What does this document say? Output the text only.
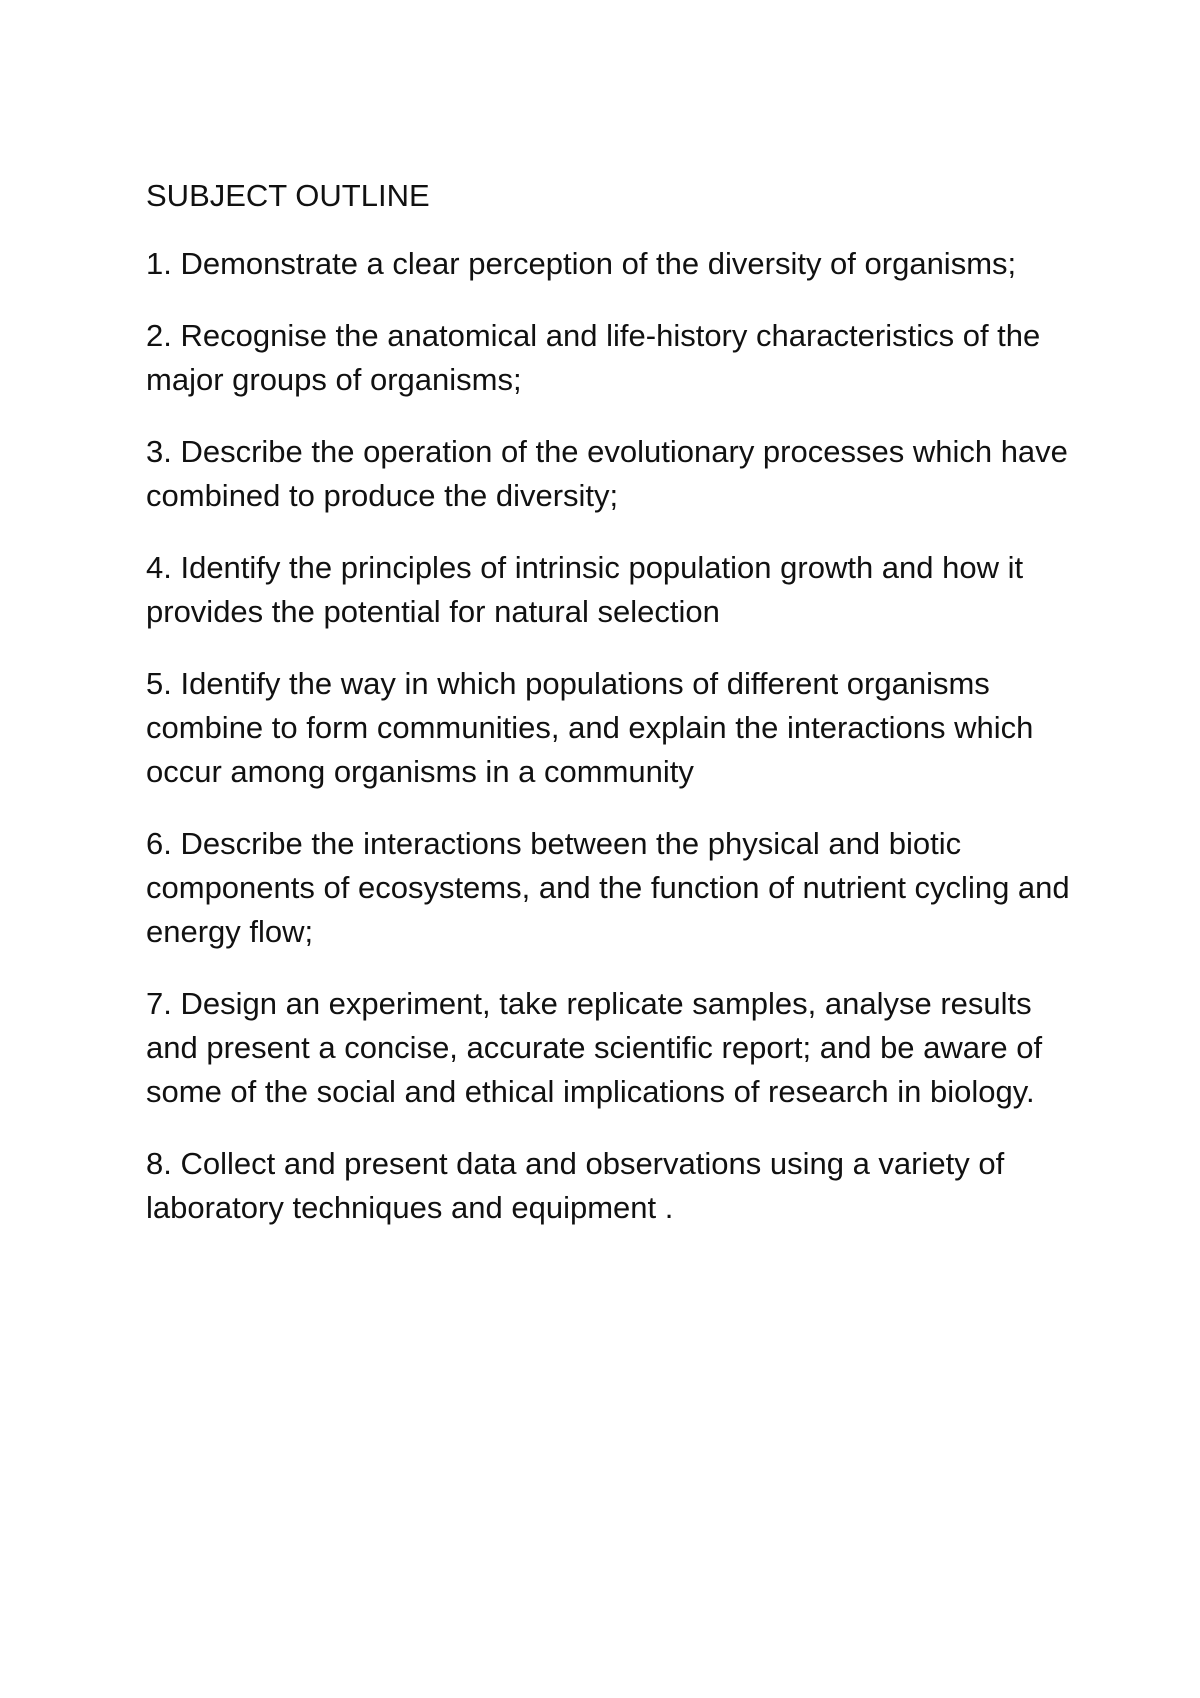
SUBJECT OUTLINE

1. Demonstrate a clear perception of the diversity of organisms;

2. Recognise the anatomical and life-history characteristics of the major groups of organisms;

3. Describe the operation of the evolutionary processes which have combined to produce the diversity;

4. Identify the principles of intrinsic population growth and how it provides the potential for natural selection

5. Identify the way in which populations of different organisms combine to form communities, and explain the interactions which occur among organisms in a community

6. Describe the interactions between the physical and biotic components of ecosystems, and the function of nutrient cycling and energy flow;

7. Design an experiment, take replicate samples, analyse results and present a concise, accurate scientific report; and be aware of some of the social and ethical implications of research in biology.

8. Collect and present data and observations using a variety of laboratory techniques and equipment .
